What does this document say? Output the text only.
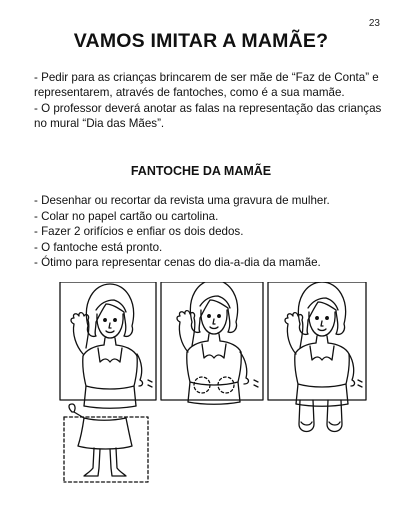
23
VAMOS IMITAR A MAMÃE?

- Pedir para as crianças brincarem de ser mãe de “Faz de Conta” e representarem, através de fantoches, como é a sua mamãe.

- O professor deverá anotar as falas na representação das crianças no mural “Dia das Mães”.

FANTOCHE DA MAMÃE
- Desenhar ou recortar da revista uma gravura de mulher.
- Colar no papel cartão ou cartolina.
- Fazer 2 orifícios e enfiar os dois dedos.
- O fantoche está pronto.
- Ótimo para representar cenas do dia-a-dia da mamãe.
